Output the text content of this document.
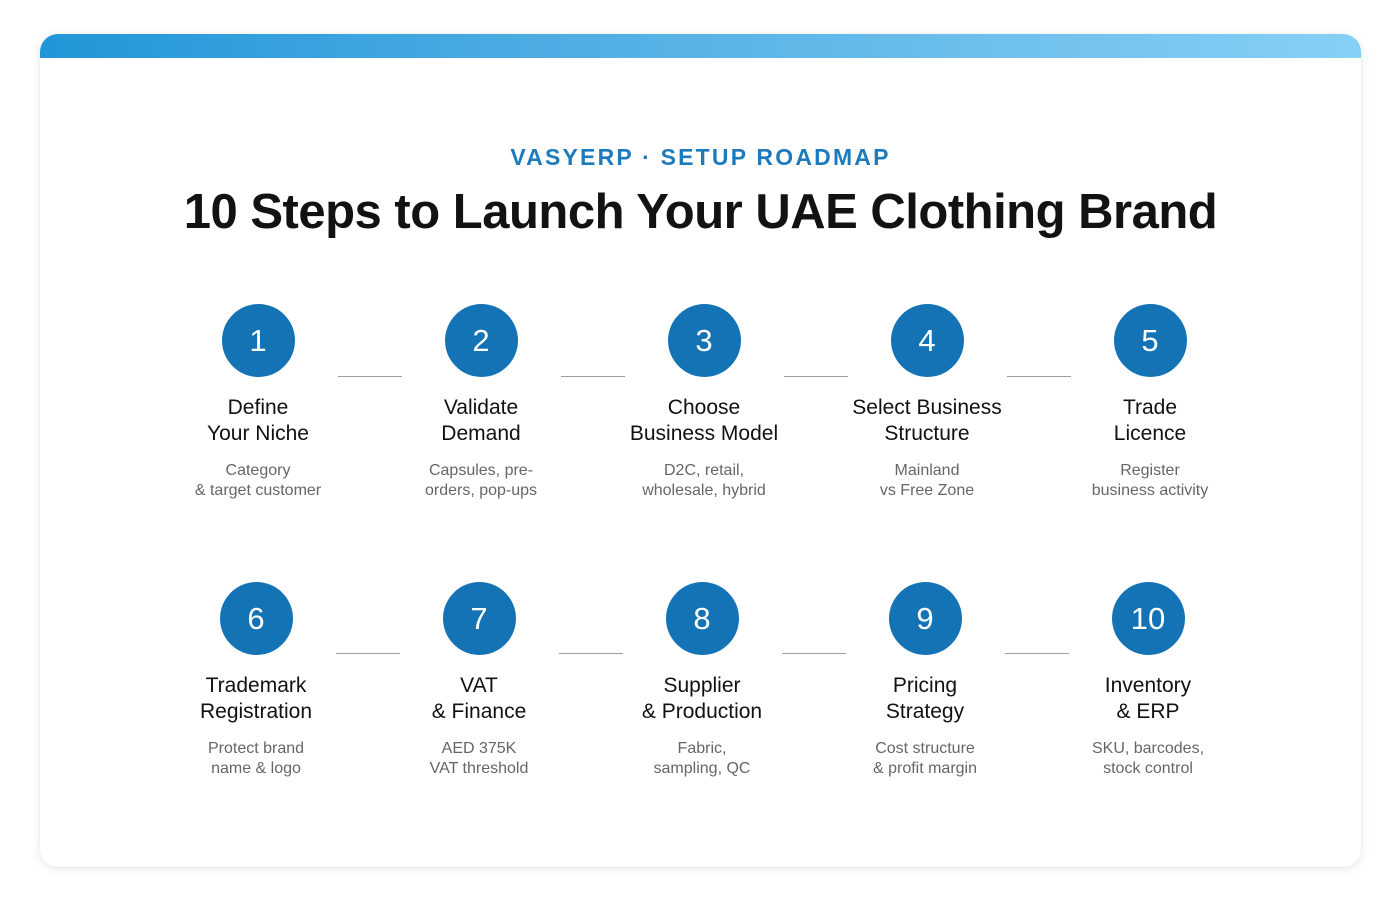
VASYERP · SETUP ROADMAP
10 Steps to Launch Your UAE Clothing Brand
1
Define
Your Niche
Category
& target customer
2
Validate
Demand
Capsules, pre-
orders, pop-ups
3
Choose
Business Model
D2C, retail,
wholesale, hybrid
4
Select Business
Structure
Mainland
vs Free Zone
5
Trade
Licence
Register
business activity
6
Trademark
Registration
Protect brand
name & logo
7
VAT
& Finance
AED 375K
VAT threshold
8
Supplier
& Production
Fabric,
sampling, QC
9
Pricing
Strategy
Cost structure
& profit margin
10
Inventory
& ERP
SKU, barcodes,
stock control
